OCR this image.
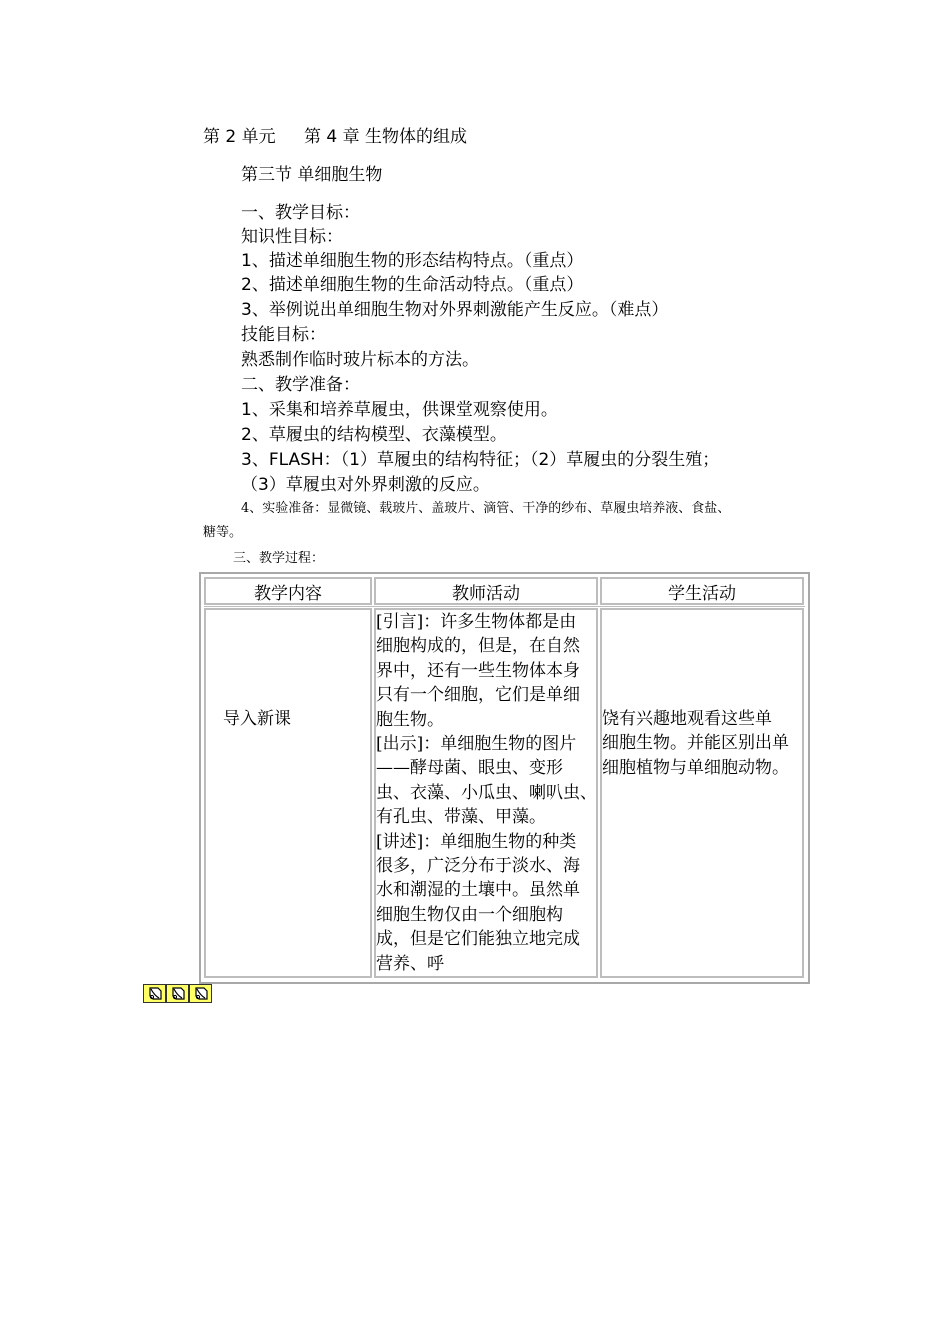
第 2 单元 第 4 章 生物体的组成
第三节 单细胞生物
一、教学目标：
知识性目标：
1、描述单细胞生物的形态结构特点。（重点）
2、描述单细胞生物的生命活动特点。（重点）
3、举例说出单细胞生物对外界刺激能产生反应。（难点）
技能目标：
熟悉制作临时玻片标本的方法。
二、教学准备：
1、采集和培养草履虫，供课堂观察使用。
2、草履虫的结构模型、衣藻模型。
3、FLASH：（1）草履虫的结构特征；（2）草履虫的分裂生殖；
（3）草履虫对外界刺激的反应。
4、实验准备：显微镜、载玻片、盖玻片、滴管、干净的纱布、草履虫培养液、食盐、
糖等。
三、教学过程：
教学内容	教师活动	学生活动
导入新课
[引言]：许多生物体都是由
细胞构成的，但是，在自然
界中，还有一些生物体本身
只有一个细胞，它们是单细
胞生物。
[出示]：单细胞生物的图片
——酵母菌、眼虫、变形
虫、衣藻、小瓜虫、喇叭虫、
有孔虫、带藻、甲藻。
[讲述]：单细胞生物的种类
很多，广泛分布于淡水、海
水和潮湿的土壤中。虽然单
细胞生物仅由一个细胞构
成，但是它们能独立地完成
营养、呼
饶有兴趣地观看这些单
细胞生物。并能区别出单
细胞植物与单细胞动物。
